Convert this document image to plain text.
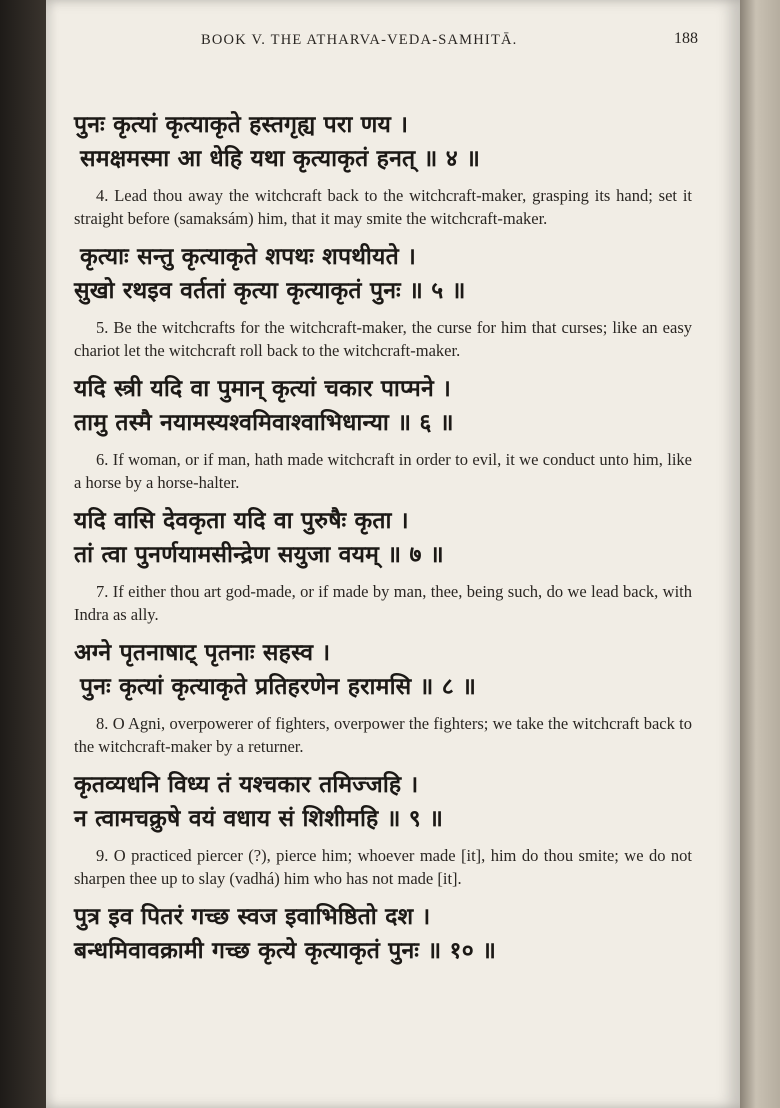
BOOK V. THE ATHARVA-VEDA-SAMHITĀ.	188
पुनः कृत्यां कृत्याकृते हस्तगृह्य परा णय ।
समक्षमस्मा आ धेहि यथा कृत्याकृतं हनत् ॥ ४ ॥

4. Lead thou away the witchcraft back to the witchcraft-maker, grasping its hand; set it straight before (samaksám) him, that it may smite the witchcraft-maker.

कृत्याः सन्तु कृत्याकृते शपथः शपथीयते ।
सुखो रथइव वर्ततां कृत्या कृत्याकृतं पुनः ॥ ५ ॥

5. Be the witchcrafts for the witchcraft-maker, the curse for him that curses; like an easy chariot let the witchcraft roll back to the witchcraft-maker.

यदि स्त्री यदि वा पुमान् कृत्यां चकार पाप्मने ।
तामु तस्मै नयामस्यश्वमिवाश्वाभिधान्या ॥ ६ ॥

6. If woman, or if man, hath made witchcraft in order to evil, it we conduct unto him, like a horse by a horse-halter.

यदि वासि देवकृता यदि वा पुरुषैः कृता ।
तां त्वा पुनर्णयामसीन्द्रेण सयुजा वयम् ॥ ७ ॥

7. If either thou art god-made, or if made by man, thee, being such, do we lead back, with Indra as ally.

अग्ने पृतनाषाट् पृतनाः सहस्व ।
पुनः कृत्यां कृत्याकृते प्रतिहरणेन हरामसि ॥ ८ ॥

8. O Agni, overpowerer of fighters, overpower the fighters; we take the witchcraft back to the witchcraft-maker by a returner.

कृतव्यधनि विध्य तं यश्चकार तमिज्जहि ।
न त्वामचक्रुषे वयं वधाय सं शिशीमहि ॥ ९ ॥

9. O practiced piercer (?), pierce him; whoever made [it], him do thou smite; we do not sharpen thee up to slay (vadhá) him who has not made [it].

पुत्र इव पितरं गच्छ स्वज इवाभिष्ठितो दश ।
बन्धमिवावक्रामी गच्छ कृत्ये कृत्याकृतं पुनः ॥ १० ॥
